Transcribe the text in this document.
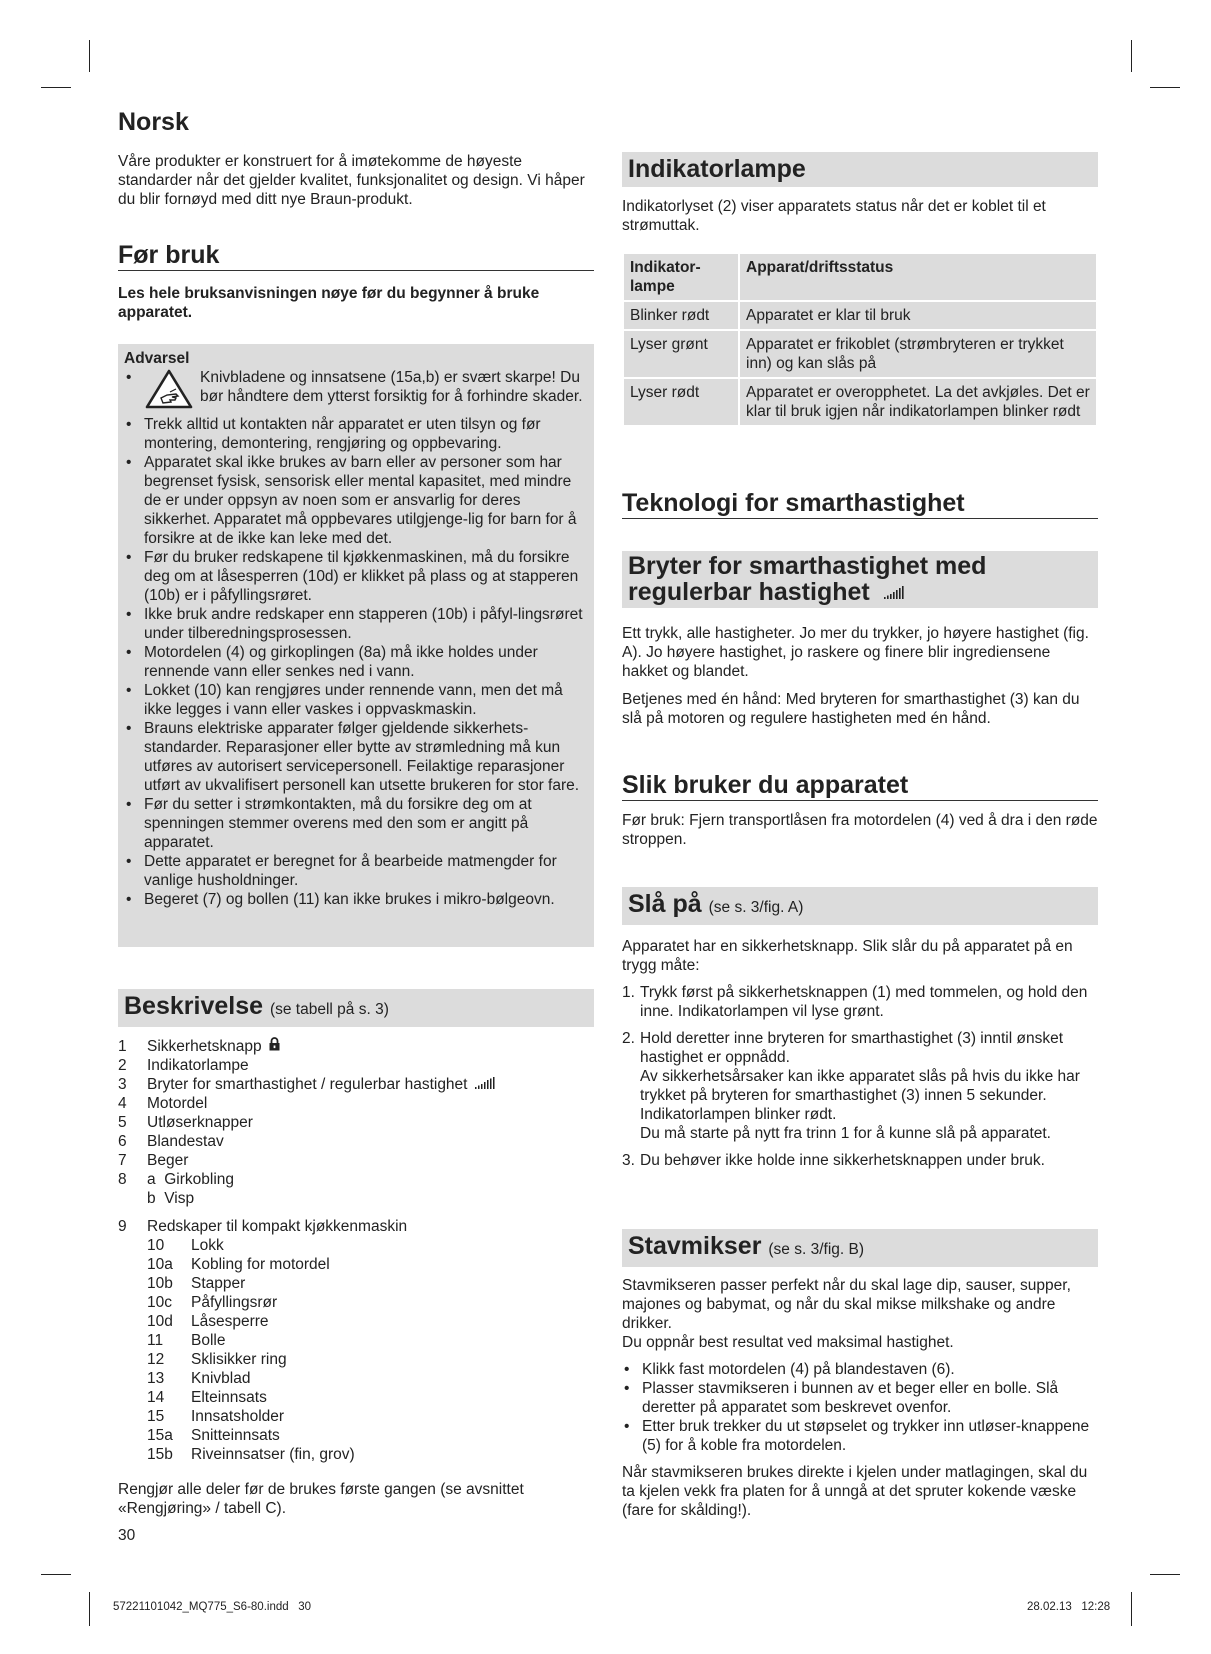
Norsk

Våre produkter er konstruert for å imøtekomme de høyeste standarder når det gjelder kvalitet, funksjonalitet og design. Vi håper du blir fornøyd med ditt nye Braun-produkt.

Før bruk

Les hele bruksanvisningen nøye før du begynner å bruke apparatet.

Advarsel
•	Knivbladene og innsatsene (15a,b) er svært skarpe! Du bør håndtere dem ytterst forsiktig for å forhindre skader.
• Trekk alltid ut kontakten når apparatet er uten tilsyn og før montering, demontering, rengjøring og oppbevaring.
• Apparatet skal ikke brukes av barn eller av personer som har begrenset fysisk, sensorisk eller mental kapasitet, med mindre de er under oppsyn av noen som er ansvarlig for deres sikkerhet. Apparatet må oppbevares utilgjenge-lig for barn for å forsikre at de ikke kan leke med det.
• Før du bruker redskapene til kjøkkenmaskinen, må du forsikre deg om at låsesperren (10d) er klikket på plass og at stapperen (10b) er i påfyllingsrøret.
• Ikke bruk andre redskaper enn stapperen (10b) i påfyl-lingsrøret under tilberedningsprosessen.
• Motordelen (4) og girkoplingen (8a) må ikke holdes under rennende vann eller senkes ned i vann.
• Lokket (10) kan rengjøres under rennende vann, men det må ikke legges i vann eller vaskes i oppvaskmaskin.
• Brauns elektriske apparater følger gjeldende sikkerhets-standarder. Reparasjoner eller bytte av strømledning må kun utføres av autorisert servicepersonell. Feilaktige reparasjoner utført av ukvalifisert personell kan utsette brukeren for stor fare.
• Før du setter i strømkontakten, må du forsikre deg om at spenningen stemmer overens med den som er angitt på apparatet.
• Dette apparatet er beregnet for å bearbeide matmengder for vanlige husholdninger.
• Begeret (7) og bollen (11) kan ikke brukes i mikro-bølgeovn.
Beskrivelse (se tabell på s. 3)
1	Sikkerhetsknapp
2	Indikatorlampe
3	Bryter for smarthastighet / regulerbar hastighet
4	Motordel
5	Utløserknapper
6	Blandestav
7	Beger
8	a  Girkobling
b  Visp
9	Redskaper til kompakt kjøkkenmaskin
10	Lokk
10a	Kobling for motordel
10b	Stapper
10c	Påfyllingsrør
10d	Låsesperre
11	Bolle
12	Sklisikker ring
13	Knivblad
14	Elteinnsats
15	Innsatsholder
15a	Snitteinnsats
15b	Riveinnsatser (fin, grov)

Rengjør alle deler før de brukes første gangen (se avsnittet «Rengjøring» / tabell C).

30

Indikatorlampe

Indikatorlyset (2) viser apparatets status når det er koblet til et strømuttak.

Indikator-lampe	Apparat/driftsstatus
Blinker rødt	Apparatet er klar til bruk
Lyser grønt	Apparatet er frikoblet (strømbryteren er trykket inn) og kan slås på
Lyser rødt	Apparatet er overopphetet. La det avkjøles. Det er klar til bruk igjen når indikatorlampen blinker rødt
Teknologi for smarthastighet
Bryter for smarthastighet med regulerbar hastighet

Ett trykk, alle hastigheter. Jo mer du trykker, jo høyere hastighet (fig. A). Jo høyere hastighet, jo raskere og finere blir ingrediensene hakket og blandet.

Betjenes med én hånd: Med bryteren for smarthastighet (3) kan du slå på motoren og regulere hastigheten med én hånd.

Slik bruker du apparatet

Før bruk: Fjern transportlåsen fra motordelen (4) ved å dra i den røde stroppen.

Slå på (se s. 3/fig. A)

Apparatet har en sikkerhetsknapp. Slik slår du på apparatet på en trygg måte:

1. Trykk først på sikkerhetsknappen (1) med tommelen, og hold den inne. Indikatorlampen vil lyse grønt.
2. Hold deretter inne bryteren for smarthastighet (3) inntil ønsket hastighet er oppnådd.
Av sikkerhetsårsaker kan ikke apparatet slås på hvis du ikke har trykket på bryteren for smarthastighet (3) innen 5 sekunder.
Indikatorlampen blinker rødt.
Du må starte på nytt fra trinn 1 for å kunne slå på apparatet.
3. Du behøver ikke holde inne sikkerhetsknappen under bruk.
Stavmikser (se s. 3/fig. B)

Stavmikseren passer perfekt når du skal lage dip, sauser, supper, majones og babymat, og når du skal mikse milkshake og andre drikker.

Du oppnår best resultat ved maksimal hastighet.

• Klikk fast motordelen (4) på blandestaven (6).
• Plasser stavmikseren i bunnen av et beger eller en bolle. Slå deretter på apparatet som beskrevet ovenfor.
• Etter bruk trekker du ut støpselet og trykker inn utløser-knappene (5) for å koble fra motordelen.

Når stavmikseren brukes direkte i kjelen under matlagingen, skal du ta kjelen vekk fra platen for å unngå at det spruter kokende væske (fare for skålding!).

57221101042_MQ775_S6-80.indd   30	28.02.13   12:28
